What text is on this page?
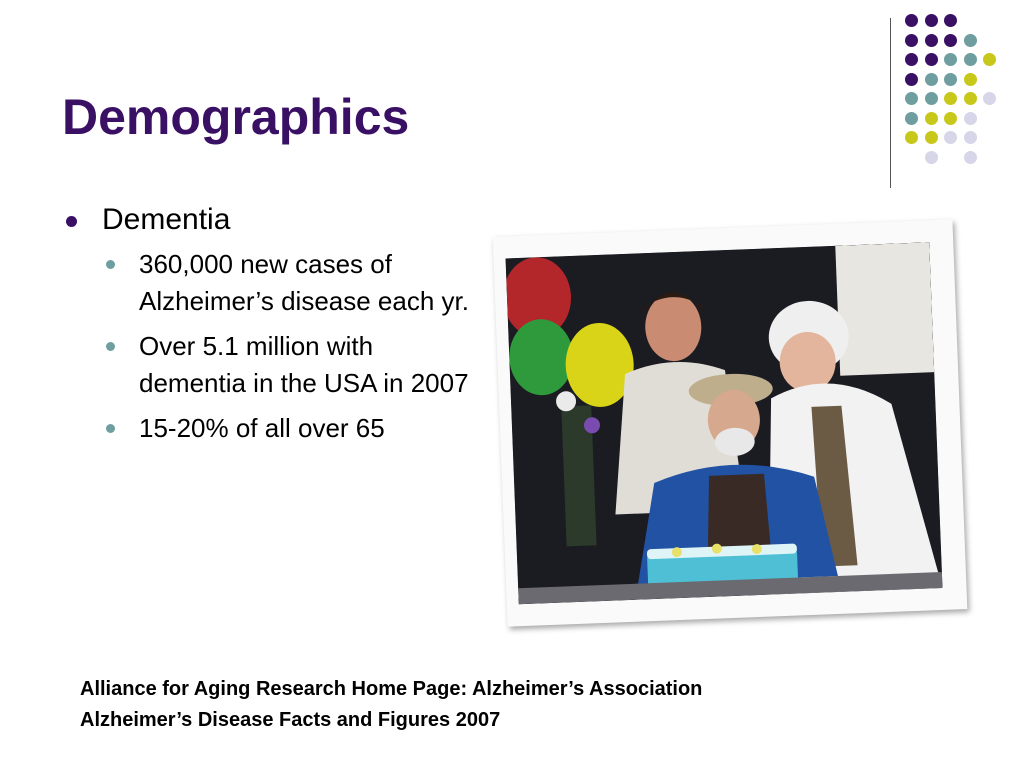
Demographics
Dementia
360,000 new cases of Alzheimer’s disease each yr.
Over 5.1 million with dementia in the USA in 2007
15-20% of all over 65
Alliance for Aging Research Home Page: Alzheimer’s Association
Alzheimer’s Disease Facts and Figures 2007
